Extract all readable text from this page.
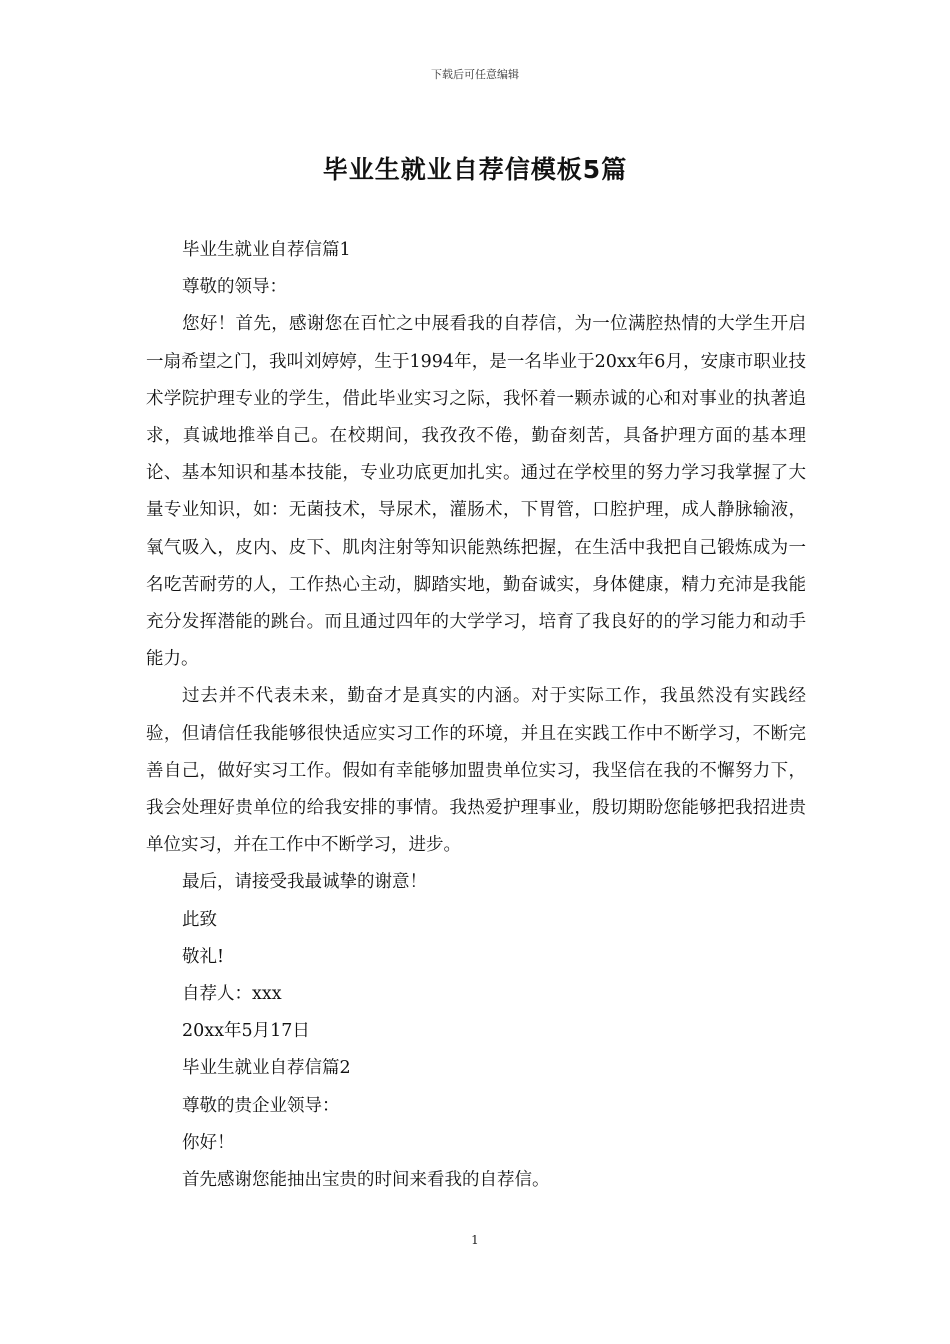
下载后可任意编辑
毕业生就业自荐信模板5篇

毕业生就业自荐信篇1

尊敬的领导：

您好！首先，感谢您在百忙之中展看我的自荐信，为一位满腔热情的大学生开启一扇希望之门，我叫刘婷婷，生于1994年，是一名毕业于20xx年6月，安康市职业技术学院护理专业的学生，借此毕业实习之际，我怀着一颗赤诚的心和对事业的执著追求，真诚地推举自己。在校期间，我孜孜不倦，勤奋刻苦，具备护理方面的基本理论、基本知识和基本技能，专业功底更加扎实。通过在学校里的努力学习我掌握了大量专业知识，如：无菌技术，导尿术，灌肠术，下胃管，口腔护理，成人静脉输液，氧气吸入，皮内、皮下、肌肉注射等知识能熟练把握，在生活中我把自己锻炼成为一名吃苦耐劳的人，工作热心主动，脚踏实地，勤奋诚实，身体健康，精力充沛是我能充分发挥潜能的跳台。而且通过四年的大学学习，培育了我良好的的学习能力和动手能力。

过去并不代表未来，勤奋才是真实的内涵。对于实际工作，我虽然没有实践经验，但请信任我能够很快适应实习工作的环境，并且在实践工作中不断学习，不断完善自己，做好实习工作。假如有幸能够加盟贵单位实习，我坚信在我的不懈努力下，我会处理好贵单位的给我安排的事情。我热爱护理事业，殷切期盼您能够把我招进贵单位实习，并在工作中不断学习，进步。

最后，请接受我最诚挚的谢意！

此致

敬礼!

自荐人：xxx

20xx年5月17日

毕业生就业自荐信篇2

尊敬的贵企业领导：

你好！

首先感谢您能抽出宝贵的时间来看我的自荐信。

1
